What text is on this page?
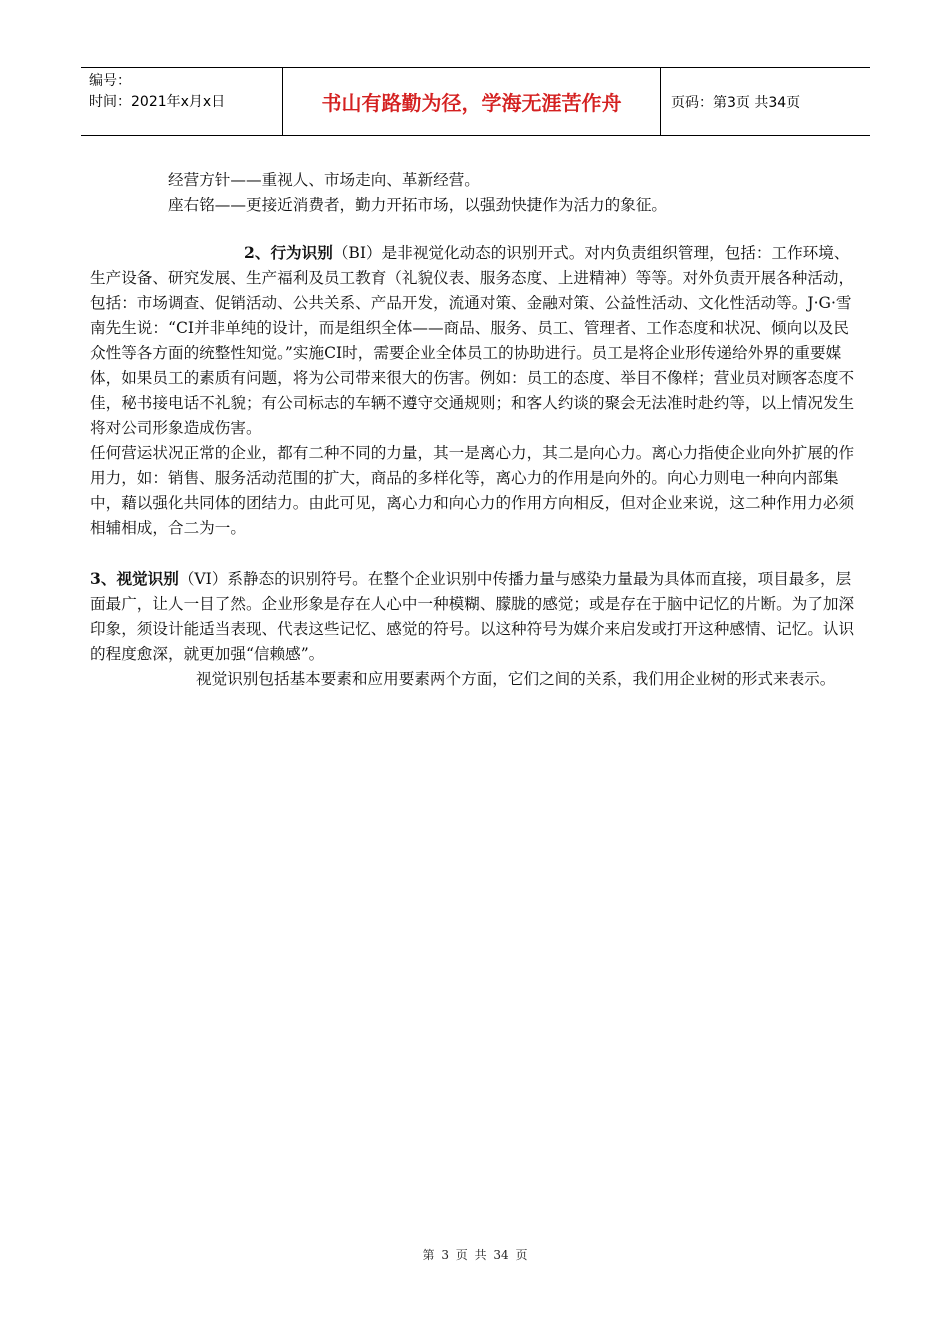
编号：
时间：2021年x月x日	书山有路勤为径，学海无涯苦作舟	页码：第3页 共34页

经营方针——重视人、市场走向、革新经营。

座右铭——更接近消费者，勤力开拓市场，以强劲快捷作为活力的象征。

2、行为识别（BI）是非视觉化动态的识别开式。对内负责组织管理，包括：工作环境、生产设备、研究发展、生产福利及员工教育（礼貌仪表、服务态度、上进精神）等等。对外负责开展各种活动，包括：市场调查、促销活动、公共关系、产品开发，流通对策、金融对策、公益性活动、文化性活动等。J·G·雪南先生说：“CI并非单纯的设计，而是组织全体——商品、服务、员工、管理者、工作态度和状况、倾向以及民众性等各方面的统整性知觉。”实施CI时，需要企业全体员工的协助进行。员工是将企业形传递给外界的重要媒体，如果员工的素质有问题，将为公司带来很大的伤害。例如：员工的态度、举目不像样；营业员对顾客态度不佳，秘书接电话不礼貌；有公司标志的车辆不遵守交通规则；和客人约谈的聚会无法准时赴约等，以上情况发生将对公司形象造成伤害。

任何营运状况正常的企业，都有二种不同的力量，其一是离心力，其二是向心力。离心力指使企业向外扩展的作用力，如：销售、服务活动范围的扩大，商品的多样化等，离心力的作用是向外的。向心力则电一种向内部集中，藉以强化共同体的团结力。由此可见，离心力和向心力的作用方向相反，但对企业来说，这二种作用力必须相辅相成，合二为一。

3、视觉识别（VI）系静态的识别符号。在整个企业识别中传播力量与感染力量最为具体而直接，项目最多，层面最广，让人一目了然。企业形象是存在人心中一种模糊、朦胧的感觉；或是存在于脑中记忆的片断。为了加深印象，须设计能适当表现、代表这些记忆、感觉的符号。以这种符号为媒介来启发或打开这种感情、记忆。认识的程度愈深，就更加强“信赖感”。

视觉识别包括基本要素和应用要素两个方面，它们之间的关系，我们用企业树的形式来表示。

第 3 页 共 34 页
